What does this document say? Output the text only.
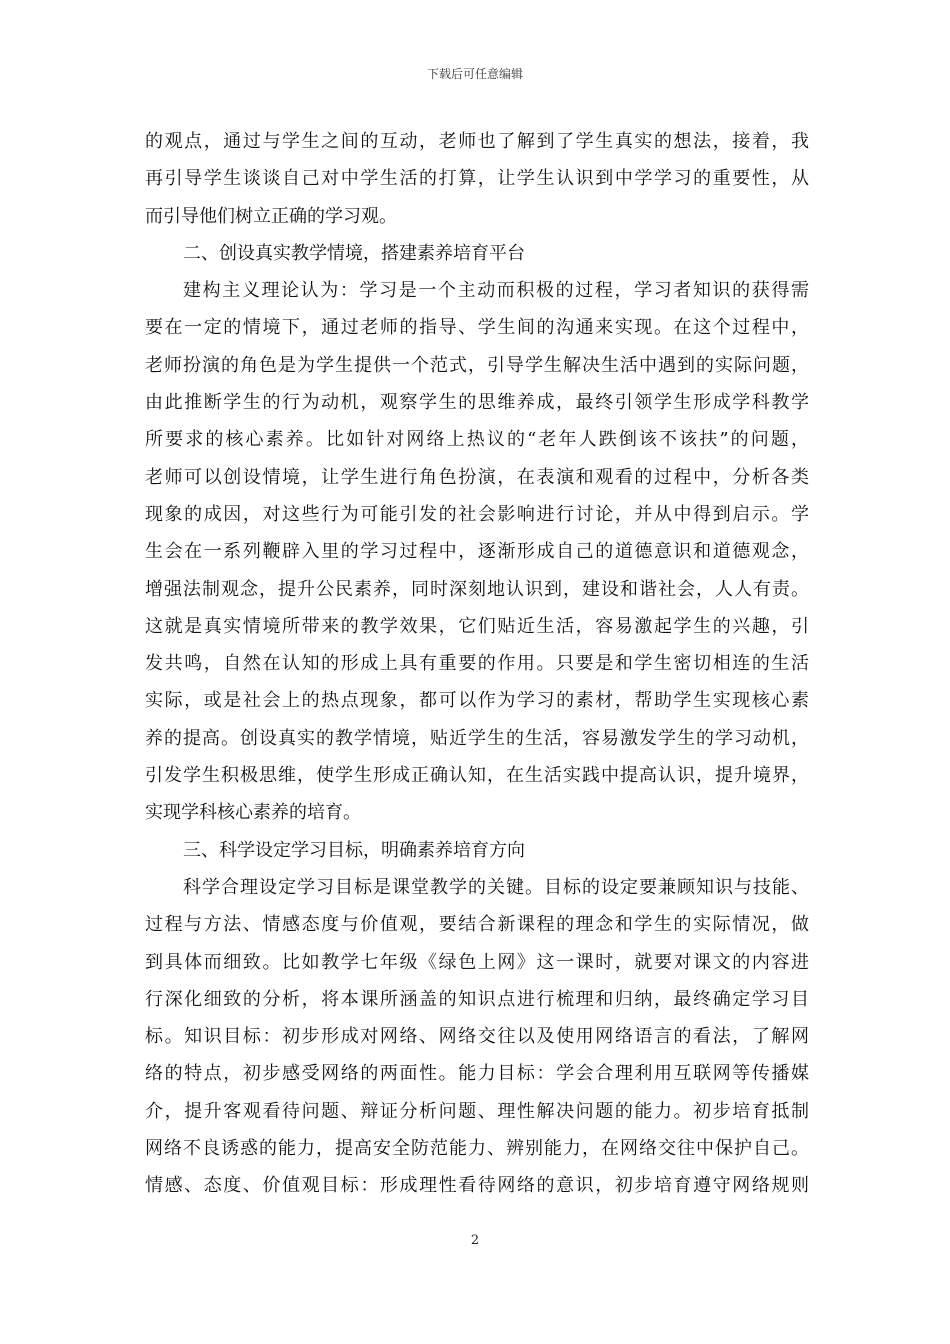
下载后可任意编辑
的观点，通过与学生之间的互动，老师也了解到了学生真实的想法，接着，我
再引导学生谈谈自己对中学生活的打算，让学生认识到中学学习的重要性，从
而引导他们树立正确的学习观。
二、创设真实教学情境，搭建素养培育平台
建构主义理论认为：学习是一个主动而积极的过程，学习者知识的获得需
要在一定的情境下，通过老师的指导、学生间的沟通来实现。在这个过程中，
老师扮演的角色是为学生提供一个范式，引导学生解决生活中遇到的实际问题，
由此推断学生的行为动机，观察学生的思维养成，最终引领学生形成学科教学
所要求的核心素养。比如针对网络上热议的“老年人跌倒该不该扶”的问题，
老师可以创设情境，让学生进行角色扮演，在表演和观看的过程中，分析各类
现象的成因，对这些行为可能引发的社会影响进行讨论，并从中得到启示。学
生会在一系列鞭辟入里的学习过程中，逐渐形成自己的道德意识和道德观念，
增强法制观念，提升公民素养，同时深刻地认识到，建设和谐社会，人人有责。
这就是真实情境所带来的教学效果，它们贴近生活，容易激起学生的兴趣，引
发共鸣，自然在认知的形成上具有重要的作用。只要是和学生密切相连的生活
实际，或是社会上的热点现象，都可以作为学习的素材，帮助学生实现核心素
养的提高。创设真实的教学情境，贴近学生的生活，容易激发学生的学习动机，
引发学生积极思维，使学生形成正确认知，在生活实践中提高认识，提升境界，
实现学科核心素养的培育。
三、科学设定学习目标，明确素养培育方向
科学合理设定学习目标是课堂教学的关键。目标的设定要兼顾知识与技能、
过程与方法、情感态度与价值观，要结合新课程的理念和学生的实际情况，做
到具体而细致。比如教学七年级《绿色上网》这一课时，就要对课文的内容进
行深化细致的分析，将本课所涵盖的知识点进行梳理和归纳，最终确定学习目
标。知识目标：初步形成对网络、网络交往以及使用网络语言的看法，了解网
络的特点，初步感受网络的两面性。能力目标：学会合理利用互联网等传播媒
介，提升客观看待问题、辩证分析问题、理性解决问题的能力。初步培育抵制
网络不良诱惑的能力，提高安全防范能力、辨别能力，在网络交往中保护自己。
情感、态度、价值观目标：形成理性看待网络的意识，初步培育遵守网络规则
2
